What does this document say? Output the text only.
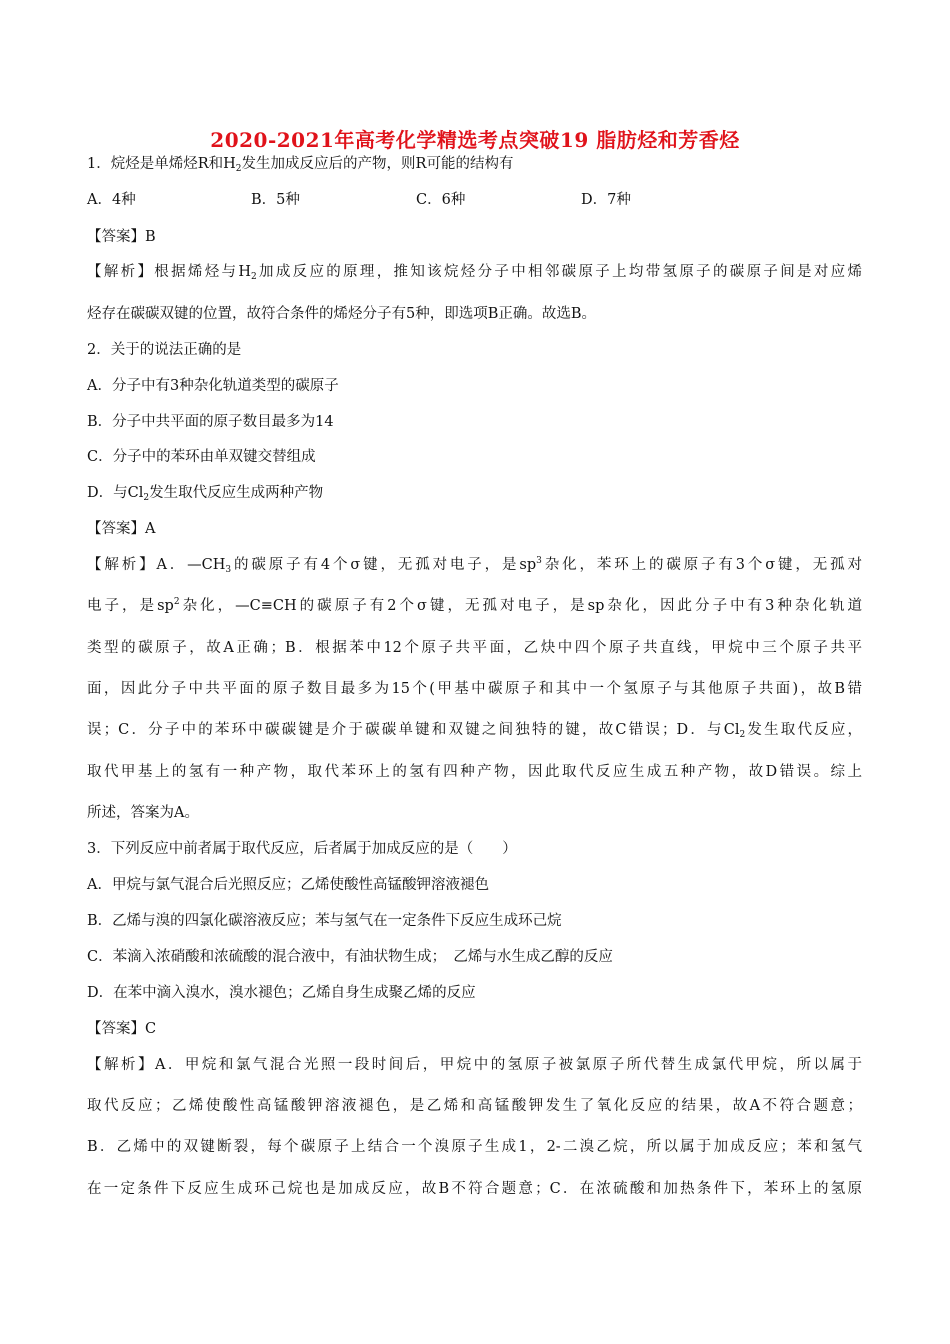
2020-2021年高考化学精选考点突破19 脂肪烃和芳香烃
1．烷烃是单烯烃R和$H_2$发生加成反应后的产物，则R可能的结构有
A．4种	B．5种	C．6种	D．7种
【答案】B
【解析】根据烯烃与$H_2$加成反应的原理，推知该烷烃分子中相邻碳原子上均带氢原子的碳原子间是对应烯
烃存在碳碳双键的位置，故符合条件的烯烃分子有5种，即选项B正确。故选B。
2．关于的说法正确的是
A．分子中有3种杂化轨道类型的碳原子
B．分子中共平面的原子数目最多为14
C．分子中的苯环由单双键交替组成
D．与$Cl_2$发生取代反应生成两种产物
【答案】A
【解析】A．$—CH_3$的碳原子有4个σ键，无孤对电子，是$sp^3$杂化，苯环上的碳原子有3个σ键，无孤对
电子，是$sp^2$杂化，—C≡CH的碳原子有2个σ键，无孤对电子，是sp杂化，因此分子中有3种杂化轨道
类型的碳原子，故A正确；B．根据苯中12个原子共平面，乙炔中四个原子共直线，甲烷中三个原子共平
面，因此分子中共平面的原子数目最多为15个(甲基中碳原子和其中一个氢原子与其他原子共面)，故B错
误；C．分子中的苯环中碳碳键是介于碳碳单键和双键之间独特的键，故C错误；D．与$Cl_2$发生取代反应，
取代甲基上的氢有一种产物，取代苯环上的氢有四种产物，因此取代反应生成五种产物，故D错误。综上
所述，答案为A。
3．下列反应中前者属于取代反应，后者属于加成反应的是（　　）
A．甲烷与氯气混合后光照反应；乙烯使酸性高锰酸钾溶液褪色
B．乙烯与溴的四氯化碳溶液反应；苯与氢气在一定条件下反应生成环己烷
C．苯滴入浓硝酸和浓硫酸的混合液中，有油状物生成；　乙烯与水生成乙醇的反应
D．在苯中滴入溴水，溴水褪色；乙烯自身生成聚乙烯的反应
【答案】C
【解析】A．甲烷和氯气混合光照一段时间后，甲烷中的氢原子被氯原子所代替生成氯代甲烷，所以属于
取代反应；乙烯使酸性高锰酸钾溶液褪色，是乙烯和高锰酸钾发生了氧化反应的结果，故A不符合题意；
B．乙烯中的双键断裂，每个碳原子上结合一个溴原子生成1，2-二溴乙烷，所以属于加成反应；苯和氢气
在一定条件下反应生成环己烷也是加成反应，故B不符合题意；C．在浓硫酸和加热条件下，苯环上的氢原
